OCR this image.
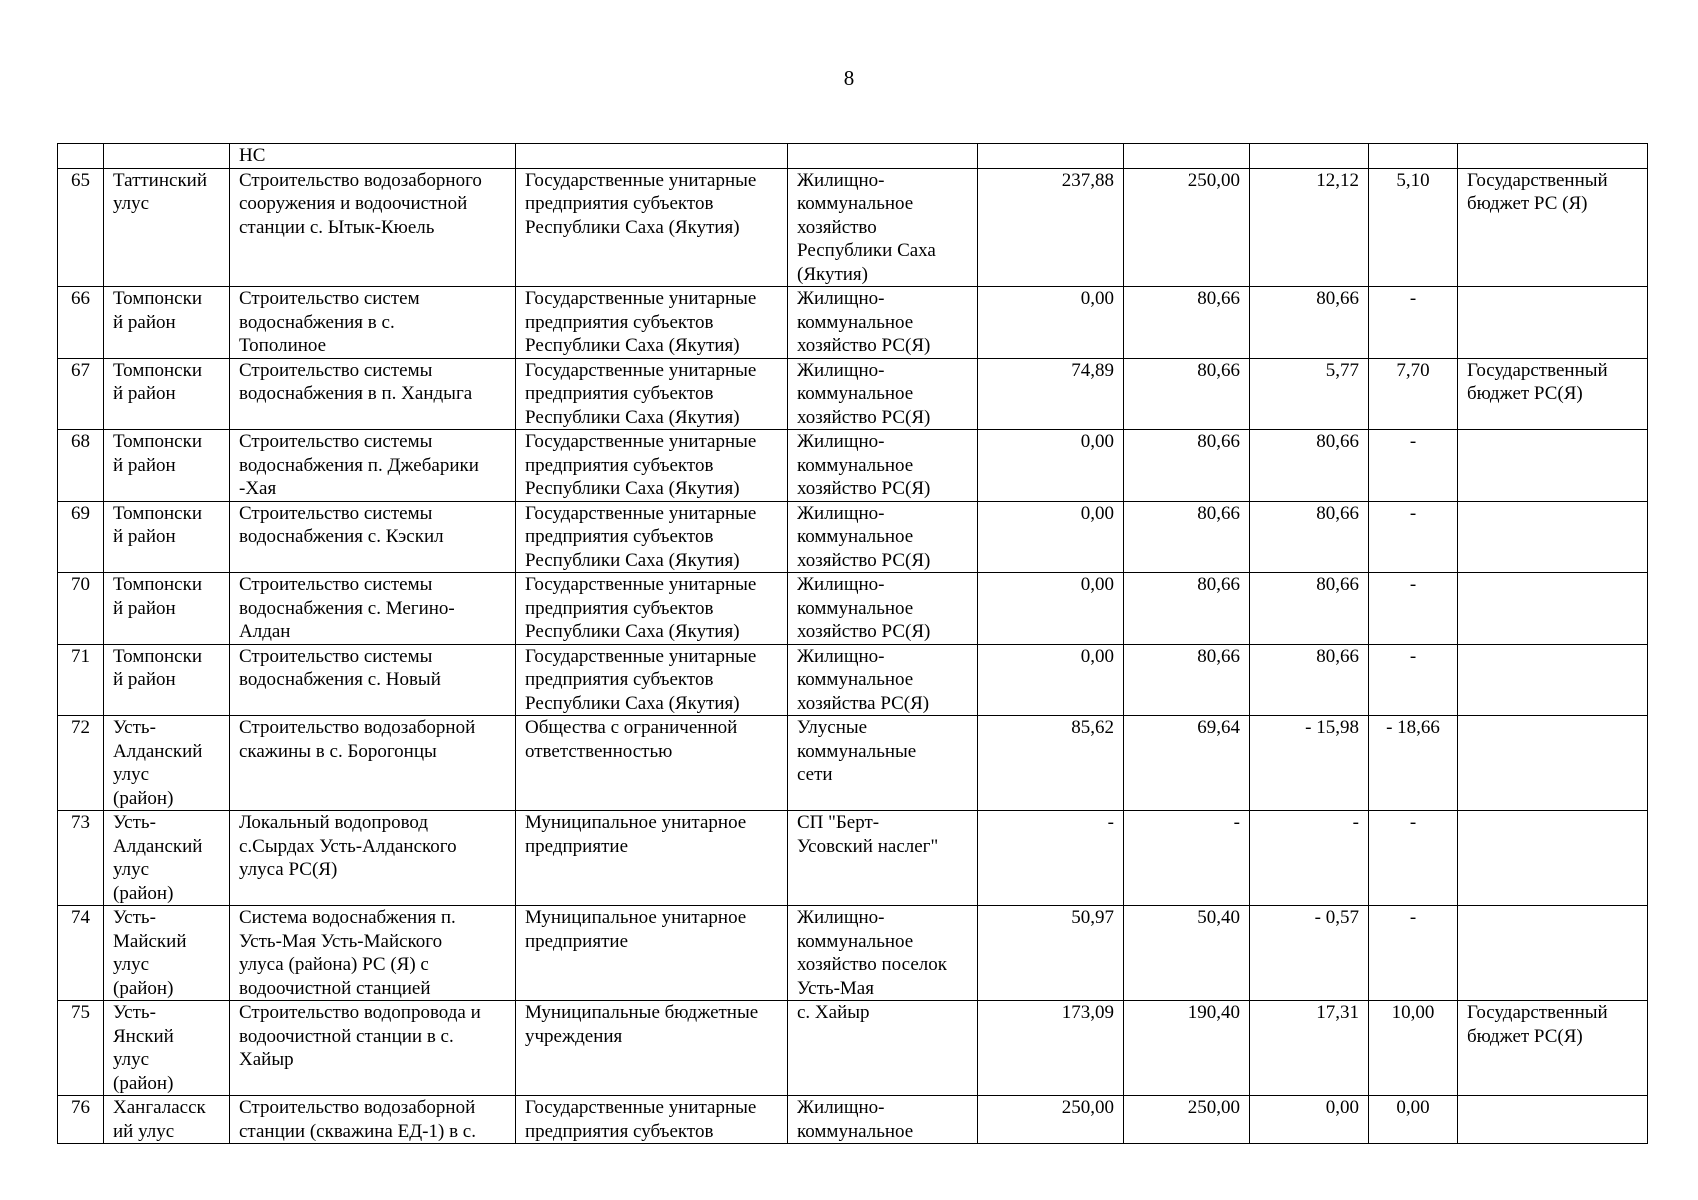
8
		НС							
65	Таттинский
улус	Строительство водозаборного
сооружения и водоочистной
станции с. Ытык-Кюель	Государственные унитарные
предприятия субъектов
Республики Саха (Якутия)	Жилищно-
коммунальное
хозяйство
Республики Саха
(Якутия)	237,88	250,00	12,12	5,10	Государственный
бюджет РС (Я)
66	Томпонски
й район	Строительство систем
водоснабжения в с.
Тополиное	Государственные унитарные
предприятия субъектов
Республики Саха (Якутия)	Жилищно-
коммунальное
хозяйство РС(Я)	0,00	80,66	80,66	-	
67	Томпонски
й район	Строительство системы
водоснабжения в п. Хандыга	Государственные унитарные
предприятия субъектов
Республики Саха (Якутия)	Жилищно-
коммунальное
хозяйство РС(Я)	74,89	80,66	5,77	7,70	Государственный
бюджет РС(Я)
68	Томпонски
й район	Строительство системы
водоснабжения п. Джебарики
-Хая	Государственные унитарные
предприятия субъектов
Республики Саха (Якутия)	Жилищно-
коммунальное
хозяйство РС(Я)	0,00	80,66	80,66	-	
69	Томпонски
й район	Строительство системы
водоснабжения с. Кэскил	Государственные унитарные
предприятия субъектов
Республики Саха (Якутия)	Жилищно-
коммунальное
хозяйство РС(Я)	0,00	80,66	80,66	-	
70	Томпонски
й район	Строительство системы
водоснабжения с. Мегино-
Алдан	Государственные унитарные
предприятия субъектов
Республики Саха (Якутия)	Жилищно-
коммунальное
хозяйство РС(Я)	0,00	80,66	80,66	-	
71	Томпонски
й район	Строительство системы
водоснабжения с. Новый	Государственные унитарные
предприятия субъектов
Республики Саха (Якутия)	Жилищно-
коммунальное
хозяйства РС(Я)	0,00	80,66	80,66	-	
72	Усть-
Алданский
улус
(район)	Строительство водозаборной
скажины в с. Борогонцы	Общества с ограниченной
ответственностью	Улусные
коммунальные
сети	85,62	69,64	- 15,98	- 18,66	
73	Усть-
Алданский
улус
(район)	Локальный водопровод
с.Сырдах Усть-Алданского
улуса РС(Я)	Муниципальное унитарное
предприятие	СП "Берт-
Усовский наслег"	-	-	-	-	
74	Усть-
Майский
улус
(район)	Система водоснабжения п.
Усть-Мая Усть-Майского
улуса (района) РС (Я) с
водоочистной станцией	Муниципальное унитарное
предприятие	Жилищно-
коммунальное
хозяйство поселок
Усть-Мая	50,97	50,40	- 0,57	-	
75	Усть-
Янский
улус
(район)	Строительство водопровода и
водоочистной станции в с.
Хайыр	Муниципальные бюджетные
учреждения	с. Хайыр	173,09	190,40	17,31	10,00	Государственный
бюджет РС(Я)
76	Хангаласск
ий улус	Строительство водозаборной
станции (скважина ЕД-1) в с.	Государственные унитарные
предприятия субъектов	Жилищно-
коммунальное	250,00	250,00	0,00	0,00	
